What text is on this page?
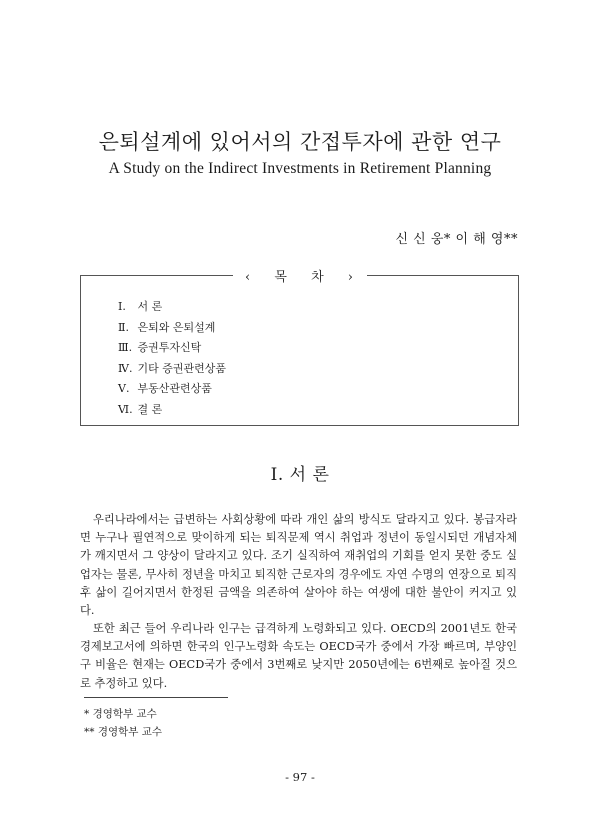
은퇴설계에 있어서의 간접투자에 관한 연구
A Study on the Indirect Investments in Retirement Planning
신 신 웅* 이 해 영**
‹ 목 차 ›
Ⅰ. 서 론
Ⅱ. 은퇴와 은퇴설계
Ⅲ. 증권투자신탁
Ⅳ. 기타 증권관련상품
Ⅴ. 부동산관련상품
Ⅵ. 결 론
Ⅰ. 서 론

우리나라에서는 급변하는 사회상황에 따라 개인 삶의 방식도 달라지고 있다. 봉급자라면 누구나 필연적으로 맞이하게 되는 퇴직문제 역시 취업과 정년이 동일시되던 개념자체가 깨지면서 그 양상이 달라지고 있다. 조기 실직하여 재취업의 기회를 얻지 못한 중도 실업자는 물론, 무사히 정년을 마치고 퇴직한 근로자의 경우에도 자연 수명의 연장으로 퇴직 후 삶이 길어지면서 한정된 금액을 의존하여 살아야 하는 여생에 대한 불안이 커지고 있다.

또한 최근 들어 우리나라 인구는 급격하게 노령화되고 있다. OECD의 2001년도 한국경제보고서에 의하면 한국의 인구노령화 속도는 OECD국가 중에서 가장 빠르며, 부양인구 비율은 현재는 OECD국가 중에서 3번째로 낮지만 2050년에는 6번째로 높아질 것으로 추정하고 있다.

* 경영학부 교수
** 경영학부 교수
- 97 -
